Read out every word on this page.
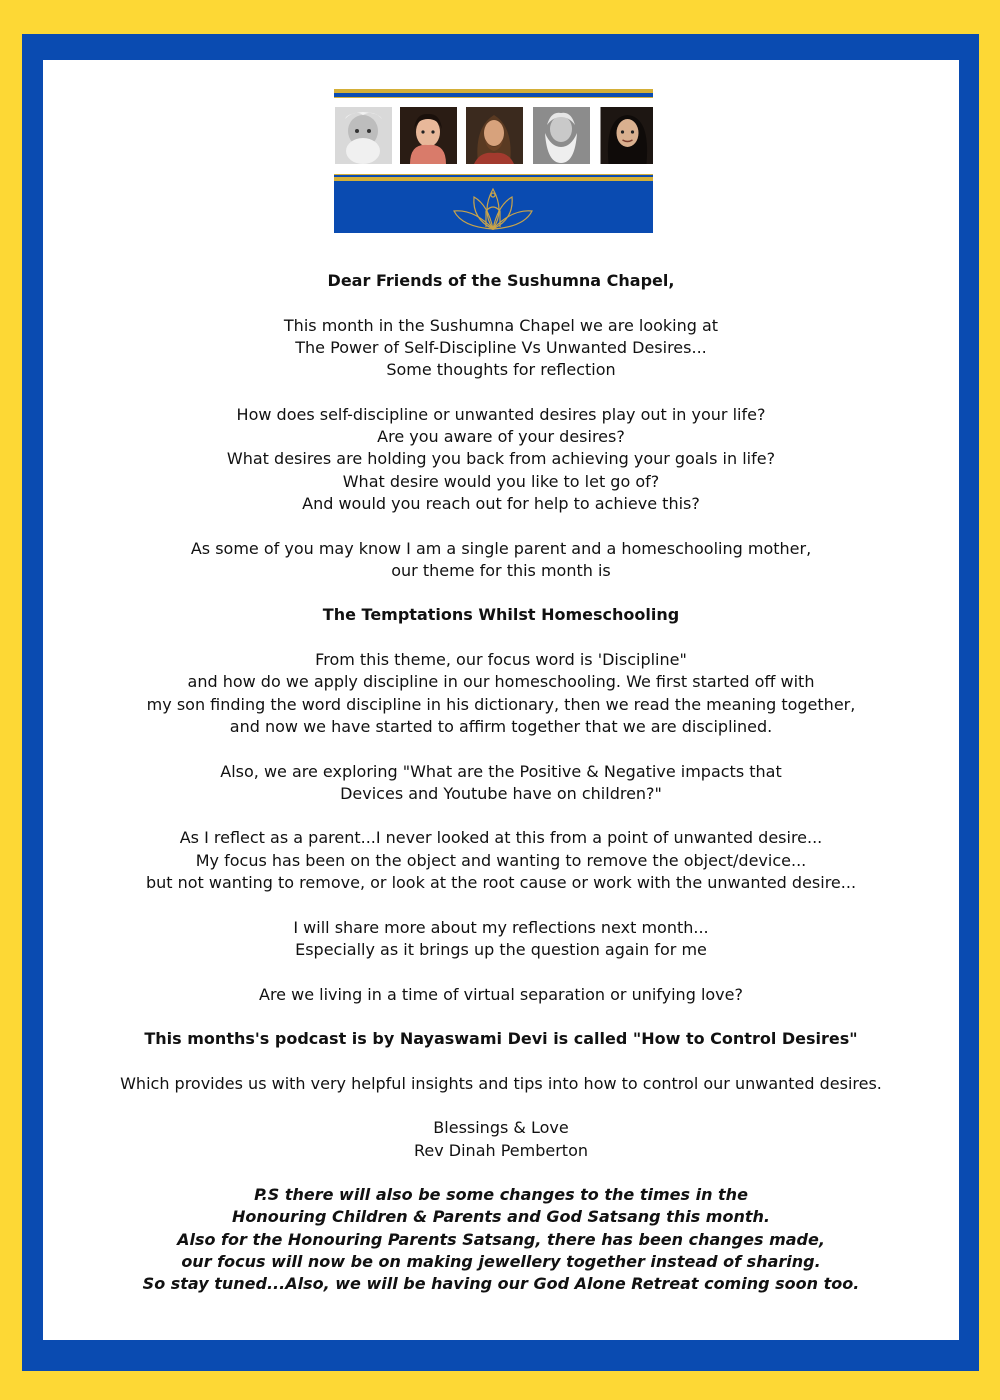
Dear Friends of the Sushumna Chapel,

This month in the Sushumna Chapel we are looking at
The Power of Self-Discipline Vs Unwanted Desires...
Some thoughts for reflection

How does self-discipline or unwanted desires play out in your life?
Are you aware of your desires?
What desires are holding you back from achieving your goals in life?
What desire would you like to let go of?
And would you reach out for help to achieve this?

As some of you may know I am a single parent and a homeschooling mother,
our theme for this month is

The Temptations Whilst Homeschooling

From this theme, our focus word is 'Discipline"
and how do we apply discipline in our homeschooling. We first started off with
my son finding the word discipline in his dictionary, then we read the meaning together,
and now we have started to affirm together that we are disciplined.

Also, we are exploring "What are the Positive & Negative impacts that
Devices and Youtube have on children?"

As I reflect as a parent...I never looked at this from a point of unwanted desire...
My focus has been on the object and wanting to remove the object/device...
but not wanting to remove, or look at the root cause or work with the unwanted desire...

I will share more about my reflections next month...
Especially as it brings up the question again for me

Are we living in a time of virtual separation or unifying love?

This months's podcast is by Nayaswami Devi is called "How to Control Desires"

Which provides us with very helpful insights and tips into how to control our unwanted desires.

Blessings & Love
Rev Dinah Pemberton

P.S there will also be some changes to the times in the
Honouring Children & Parents and God Satsang this month.
Also for the Honouring Parents Satsang, there has been changes made,
our focus will now be on making jewellery together instead of sharing.
So stay tuned...Also, we will be having our God Alone Retreat coming soon too.
